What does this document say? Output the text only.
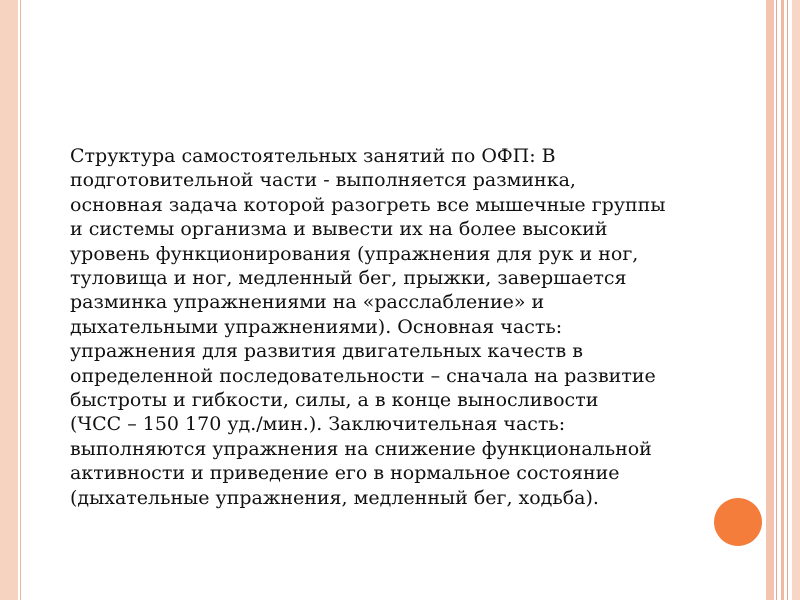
Структура самостоятельных занятий по ОФП: В
подготовительной части - выполняется разминка,
основная задача которой разогреть все мышечные группы
и системы организма и вывести их на более высокий
уровень функционирования (упражнения для рук и ног,
туловища и ног, медленный бег, прыжки, завершается
разминка упражнениями на «расслабление» и
дыхательными упражнениями). Основная часть:
упражнения для развития двигательных качеств в
определенной последовательности – сначала на развитие
быстроты и гибкости, силы, а в конце выносливости
(ЧСС – 150 170 уд./мин.). Заключительная часть:
выполняются упражнения на снижение функциональной
активности и приведение его в нормальное состояние
(дыхательные упражнения, медленный бег, ходьба).
